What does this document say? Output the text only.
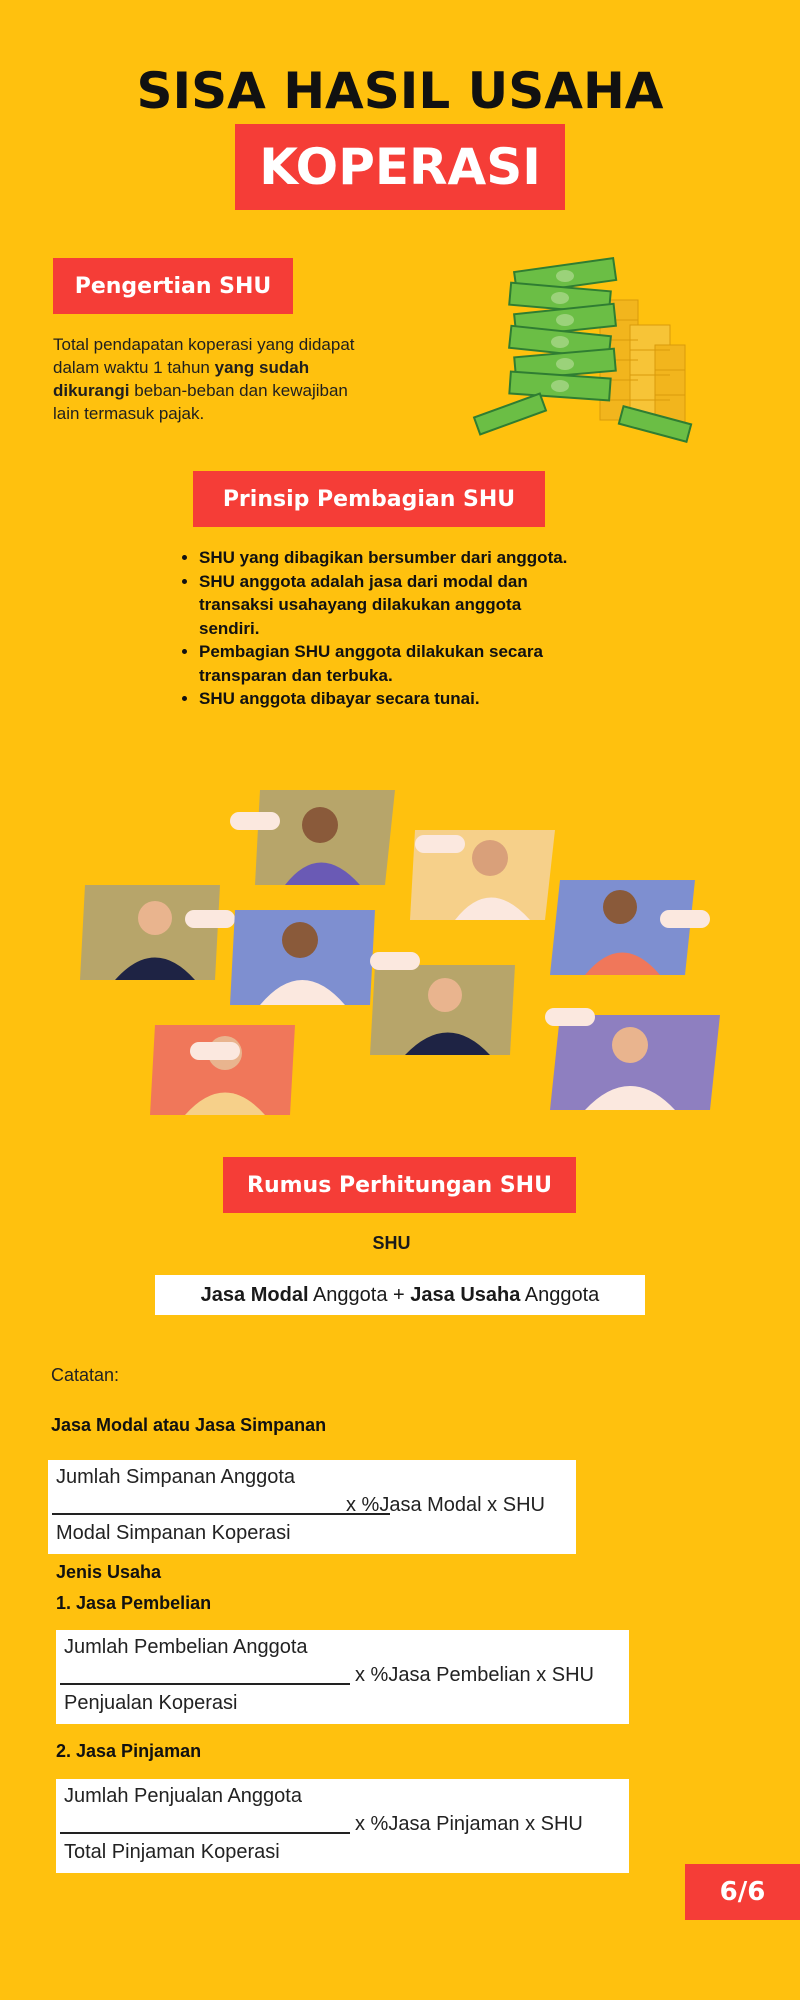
SISA HASIL USAHA
KOPERASI
Pengertian SHU
Total pendapatan koperasi yang didapat dalam waktu 1 tahun yang sudah dikurangi beban-beban dan kewajiban lain termasuk pajak.
Prinsip Pembagian SHU
• SHU yang dibagikan bersumber dari anggota.
• SHU anggota adalah jasa dari modal dan transaksi usahayang dilakukan anggota sendiri.
• Pembagian SHU anggota dilakukan secara transparan dan terbuka.
• SHU anggota dibayar secara tunai.
Rumus Perhitungan SHU
SHU
Jasa Modal Anggota + Jasa Usaha Anggota
Catatan:
Jasa Modal atau Jasa Simpanan
Jumlah Simpanan Anggota
x %Jasa Modal x SHU
Modal Simpanan Koperasi
Jenis Usaha
1. Jasa Pembelian
Jumlah Pembelian Anggota
x %Jasa Pembelian x SHU
Penjualan Koperasi
2. Jasa Pinjaman
Jumlah Penjualan Anggota
x %Jasa Pinjaman x SHU
Total Pinjaman Koperasi
6/6
